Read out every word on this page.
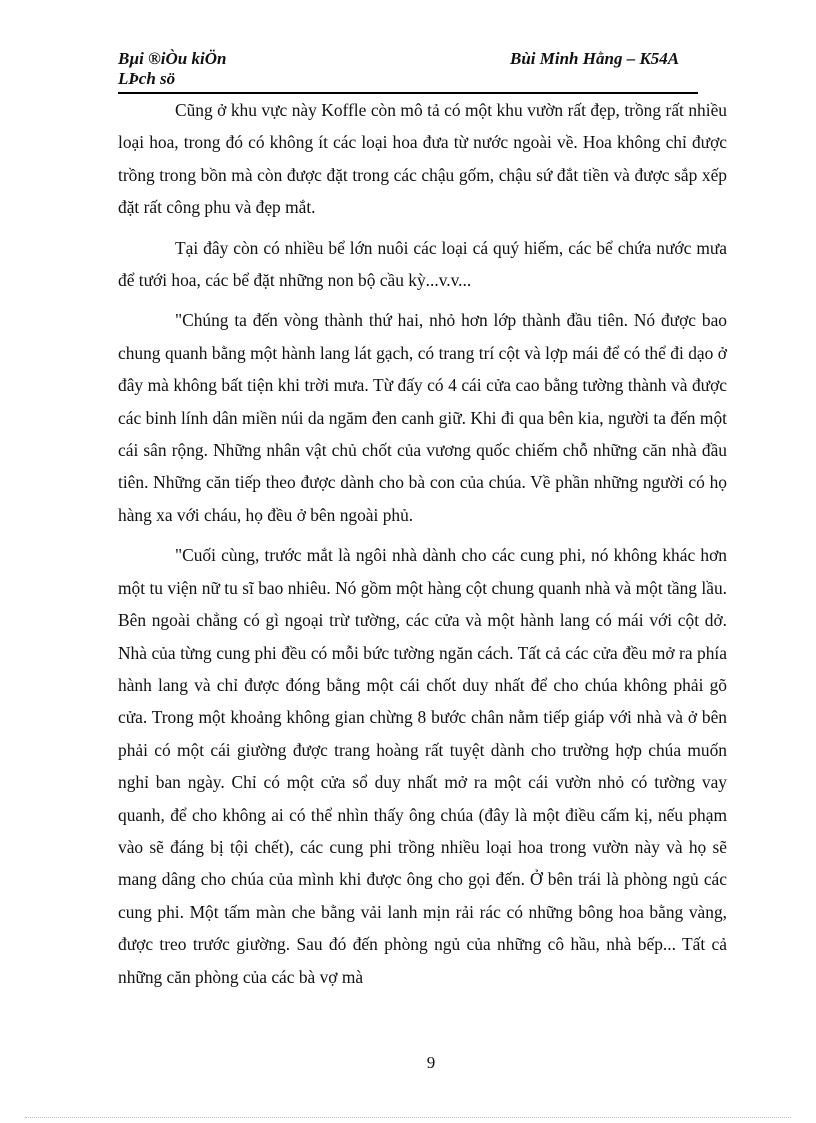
Bµi ®iÒu kiÖn
LÞch sö
Bùi Minh Hằng – K54A

Cũng ở khu vực này Koffle còn mô tả có một khu vườn rất đẹp, trồng rất nhiều loại hoa, trong đó có không ít các loại hoa đưa từ nước ngoài về. Hoa không chỉ được trồng trong bồn mà còn được đặt trong các chậu gốm, chậu sứ đắt tiền và được sắp xếp đặt rất công phu và đẹp mắt.

Tại đây còn có nhiều bể lớn nuôi các loại cá quý hiếm, các bể chứa nước mưa để tưới hoa, các bể đặt những non bộ cầu kỳ...v.v...

"Chúng ta đến vòng thành thứ hai, nhỏ hơn lớp thành đầu tiên. Nó được bao chung quanh bằng một hành lang lát gạch, có trang trí cột và lợp mái để có thể đi dạo ở đây mà không bất tiện khi trời mưa. Từ đấy có 4 cái cửa cao bằng tường thành và được các binh lính dân miền núi da ngăm đen canh giữ. Khi đi qua bên kia, người ta đến một cái sân rộng. Những nhân vật chủ chốt của vương quốc chiếm chỗ những căn nhà đầu tiên. Những căn tiếp theo được dành cho bà con của chúa. Về phần những người có họ hàng xa với cháu, họ đều ở bên ngoài phủ.

"Cuối cùng, trước mắt là ngôi nhà dành cho các cung phi, nó không khác hơn một tu viện nữ tu sĩ bao nhiêu. Nó gồm một hàng cột chung quanh nhà và một tầng lầu. Bên ngoài chẳng có gì ngoại trừ tường, các cửa và một hành lang có mái với cột dở. Nhà của từng cung phi đều có mỗi bức tường ngăn cách. Tất cả các cửa đều mở ra phía hành lang và chỉ được đóng bằng một cái chốt duy nhất để cho chúa không phải gõ cửa. Trong một khoảng không gian chừng 8 bước chân nằm tiếp giáp với nhà và ở bên phải có một cái giường được trang hoàng rất tuyệt dành cho trường hợp chúa muốn nghỉ ban ngày. Chỉ có một cửa sổ duy nhất mở ra một cái vườn nhỏ có tường vay quanh, để cho không ai có thể nhìn thấy ông chúa (đây là một điều cấm kị, nếu phạm vào sẽ đáng bị tội chết), các cung phi trồng nhiều loại hoa trong vườn này và họ sẽ mang dâng cho chúa của mình khi được ông cho gọi đến. Ở bên trái là phòng ngủ các cung phi. Một tấm màn che bằng vải lanh mịn rải rác có những bông hoa bằng vàng, được treo trước giường. Sau đó đến phòng ngủ của những cô hầu, nhà bếp... Tất cả những căn phòng của các bà vợ mà

9
